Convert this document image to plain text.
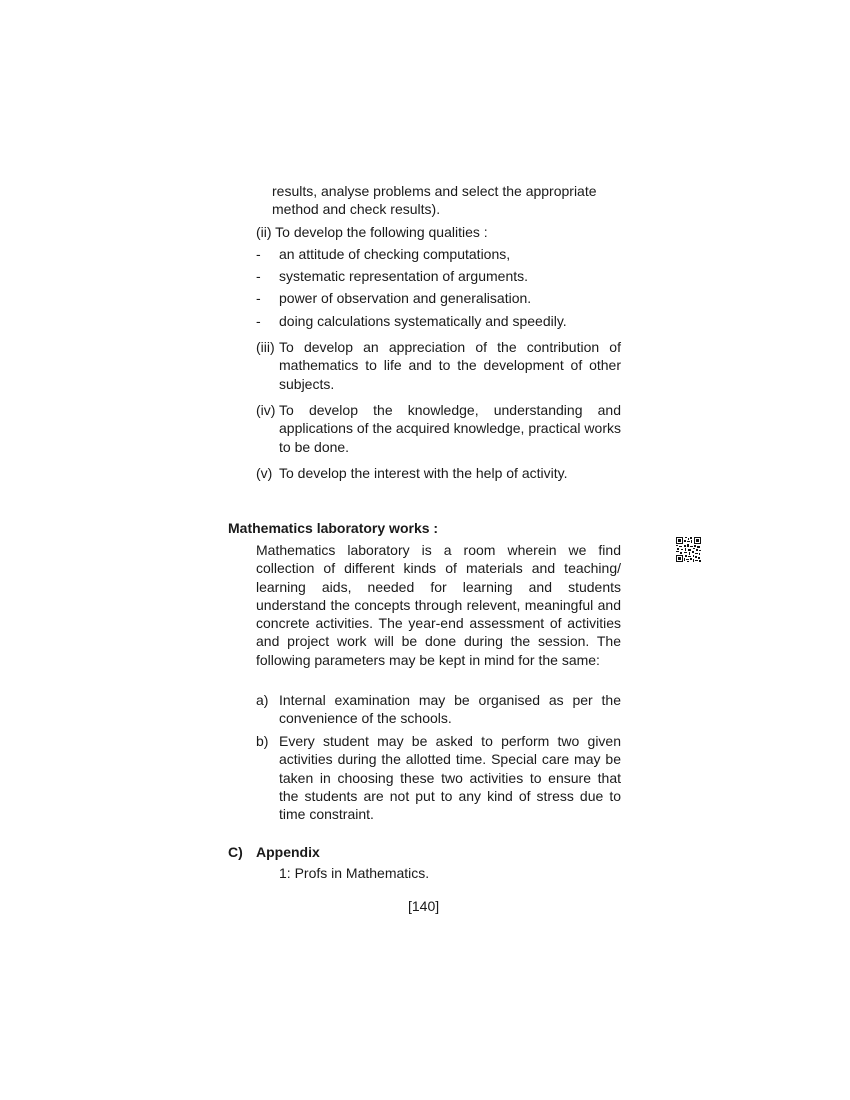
results, analyse problems and select the appropriate
method and check results).
(ii) To develop the following qualities :
- an attitude of checking computations,
- systematic representation of arguments.
- power of observation and generalisation.
- doing calculations systematically and speedily.
(iii) To develop an appreciation of the contribution of mathematics to life and to the development of other subjects.
(iv) To develop the knowledge, understanding and applications of the acquired knowledge, practical works to be done.
(v) To develop the interest with the help of activity.
Mathematics laboratory works :
Mathematics laboratory is a room wherein we find collection of different kinds of materials and teaching/ learning aids, needed for learning and students understand the concepts through relevent, meaningful and concrete activities. The year-end assessment of activities and project work will be done during the session. The following parameters may be kept in mind for the same:
a) Internal examination may be organised as per the convenience of the schools.
b) Every student may be asked to perform two given activities during the allotted time. Special care may be taken in choosing these two activities to ensure that the students are not put to any kind of stress due to time constraint.
C) Appendix
1: Profs in Mathematics.
[140]
